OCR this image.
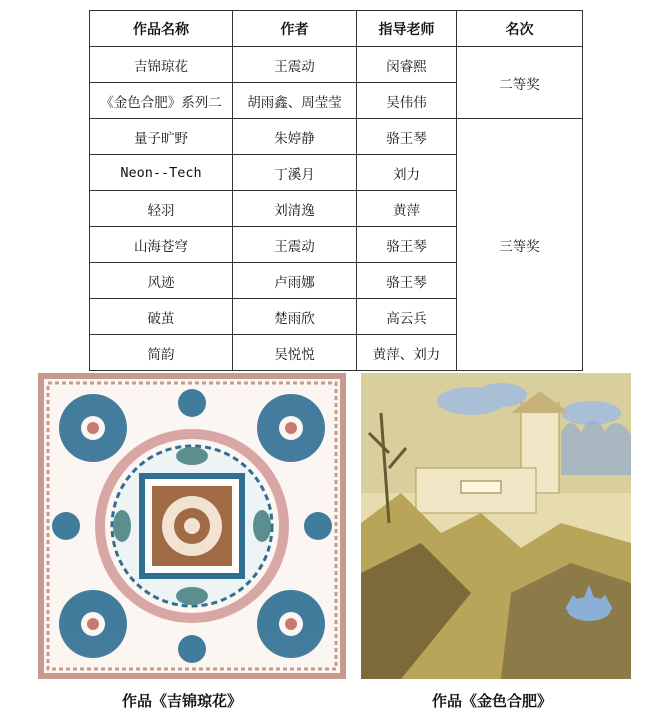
作品名称	作者	指导老师	名次
吉锦琼花	王震动	闵睿熙	二等奖
《金色合肥》系列二	胡雨鑫、周莹莹	吴伟伟	
量子旷野	朱婷静	骆王琴	三等奖
Neon--Tech	丁溪月	刘力	
轻羽	刘清逸	黄萍	
山海苍穹	王震动	骆王琴	
风迹	卢雨娜	骆王琴	
破茧	楚雨欣	高云兵	
简韵	吴悦悦	黄萍、刘力	
作品《吉锦琼花》	作品《金色合肥》
